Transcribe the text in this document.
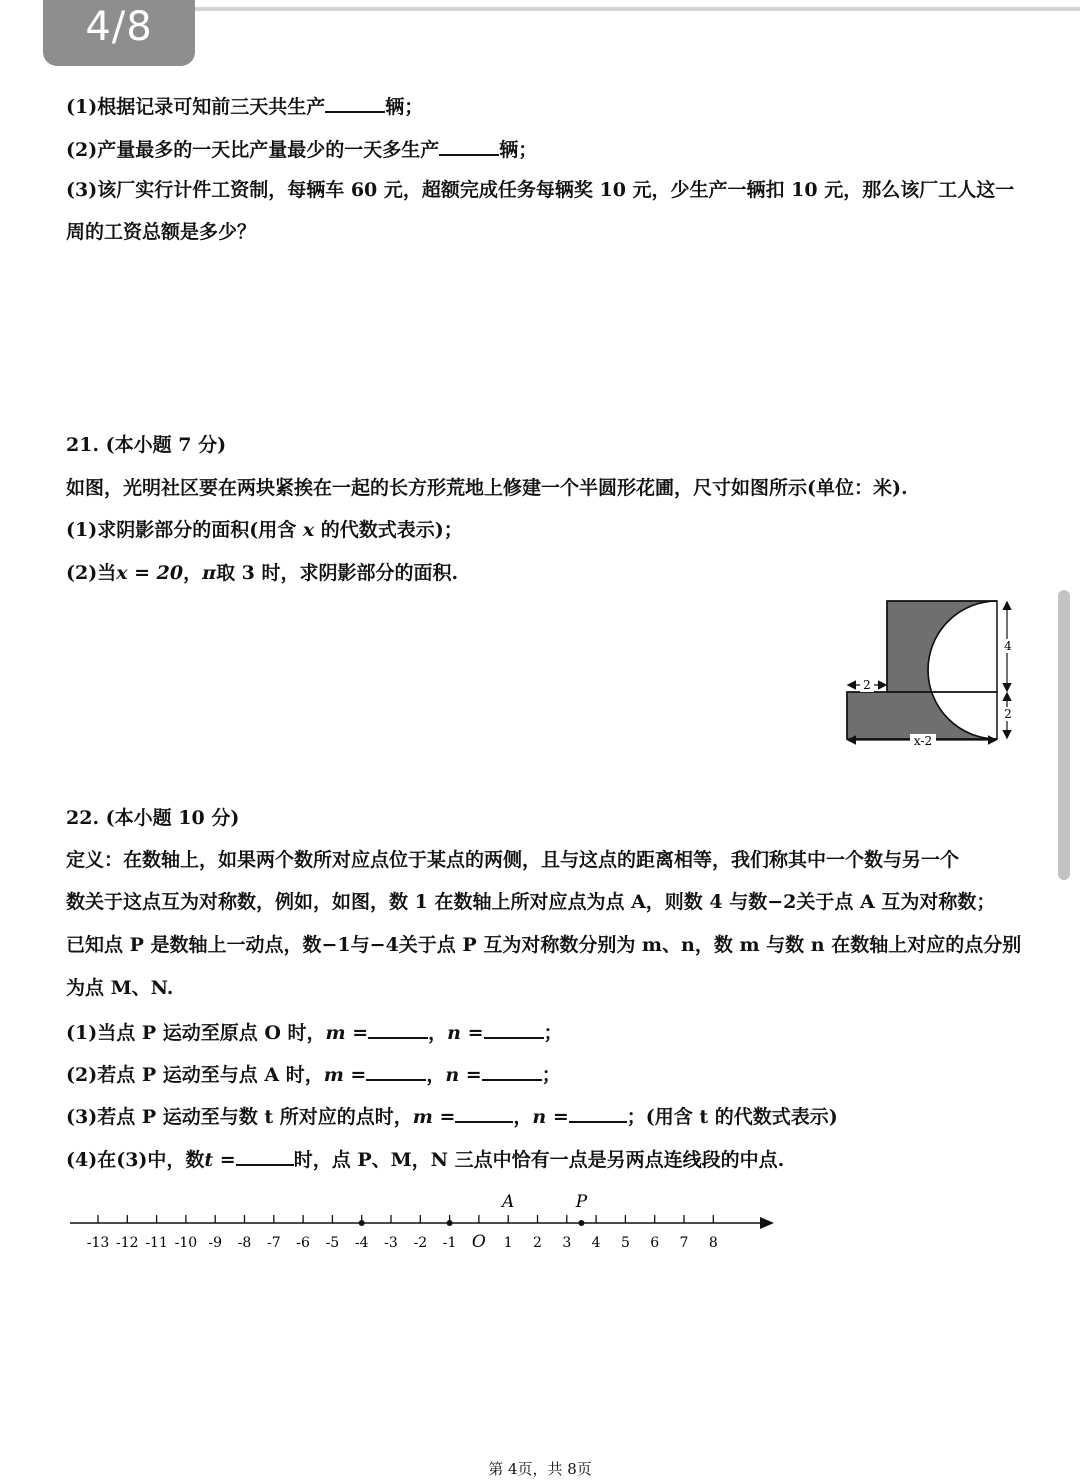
4/8
(1)根据记录可知前三天共生产	辆；
(2)产量最多的一天比产量最少的一天多生产	辆；
(3)该厂实行计件工资制，每辆车 60 元，超额完成任务每辆奖 10 元，少生产一辆扣 10 元，那么该厂工人这一
周的工资总额是多少？
21. (本小题 7 分)
如图，光明社区要在两块紧挨在一起的长方形荒地上修建一个半圆形花圃，尺寸如图所示(单位：米).
(1)求阴影部分的面积(用含 x 的代数式表示)；
(2)当x = 20，π取 3 时，求阴影部分的面积.
2
4
2
x-2
22. (本小题 10 分)
定义：在数轴上，如果两个数所对应点位于某点的两侧，且与这点的距离相等，我们称其中一个数与另一个
数关于这点互为对称数，例如，如图，数 1 在数轴上所对应点为点 A，则数 4 与数−2关于点 A 互为对称数；
已知点 P 是数轴上一动点，数−1与−4关于点 P 互为对称数分别为 m、n，数 m 与数 n 在数轴上对应的点分别
为点 M、N.
(1)当点 P 运动至原点 O 时，m =	，n =	；
(2)若点 P 运动至与点 A 时，m =	，n =	；
(3)若点 P 运动至与数 t 所对应的点时，m =	，n =	；(用含 t 的代数式表示)
(4)在(3)中，数t =	时，点 P、M，N 三点中恰有一点是另两点连线段的中点.
-13 -12 -11 -10 -9 -8 -7 -6 -5 -4 -3 -2 -1 O 1 2 3 4 5 6 7 8
A	P
第 4页，共 8页
